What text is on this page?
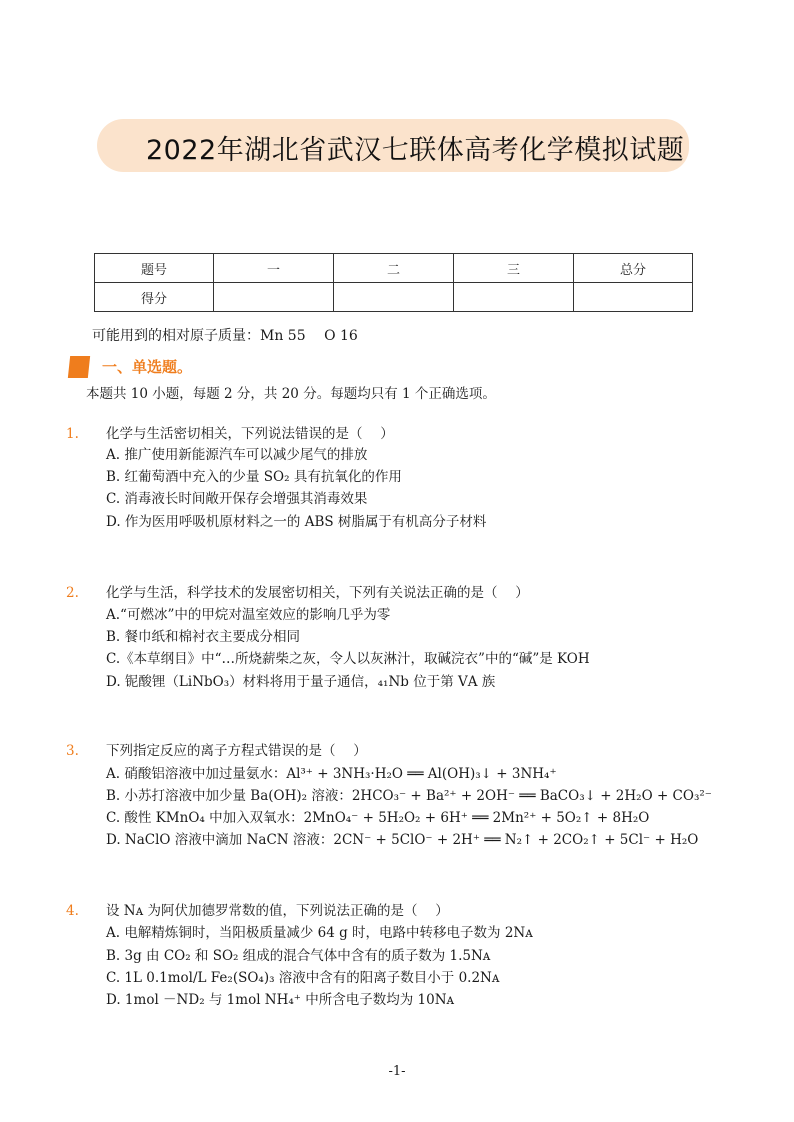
2022年湖北省武汉七联体高考化学模拟试题
题号	一	二	三	总分
得分				
可能用到的相对原子质量：Mn 55　 O 16
一、单选题。
本题共 10 小题，每题 2 分，共 20 分。每题均只有 1 个正确选项。
1.	化学与生活密切相关，下列说法错误的是（　 ）
A. 推广使用新能源汽车可以减少尾气的排放
B. 红葡萄酒中充入的少量 SO₂ 具有抗氧化的作用
C. 消毒液长时间敞开保存会增强其消毒效果
D. 作为医用呼吸机原材料之一的 ABS 树脂属于有机高分子材料
2.	化学与生活，科学技术的发展密切相关，下列有关说法正确的是（　 ）
A.“可燃冰”中的甲烷对温室效应的影响几乎为零
B. 餐巾纸和棉衬衣主要成分相同
C.《本草纲目》中“…所烧薪柴之灰，令人以灰淋汁，取碱浣衣”中的“碱”是 KOH
D. 铌酸锂（LiNbO₃）材料将用于量子通信，₄₁Nb 位于第 ⅤA 族
3.	下列指定反应的离子方程式错误的是（　 ）
A. 硝酸铝溶液中加过量氨水：Al³⁺ + 3NH₃·H₂O ══ Al(OH)₃↓ + 3NH₄⁺
B. 小苏打溶液中加少量 Ba(OH)₂ 溶液：2HCO₃⁻ + Ba²⁺ + 2OH⁻ ══ BaCO₃↓ + 2H₂O + CO₃²⁻
C. 酸性 KMnO₄ 中加入双氧水：2MnO₄⁻ + 5H₂O₂ + 6H⁺ ══ 2Mn²⁺ + 5O₂↑ + 8H₂O
D. NaClO 溶液中滴加 NaCN 溶液：2CN⁻ + 5ClO⁻ + 2H⁺ ══ N₂↑ + 2CO₂↑ + 5Cl⁻ + H₂O
4.	设 Nᴀ 为阿伏加德罗常数的值，下列说法正确的是（　 ）
A. 电解精炼铜时，当阳极质量减少 64 g 时，电路中转移电子数为 2Nᴀ
B. 3g 由 CO₂ 和 SO₂ 组成的混合气体中含有的质子数为 1.5Nᴀ
C. 1L 0.1mol/L Fe₂(SO₄)₃ 溶液中含有的阳离子数目小于 0.2Nᴀ
D. 1mol －ND₂ 与 1mol NH₄⁺ 中所含电子数均为 10Nᴀ
-1-
